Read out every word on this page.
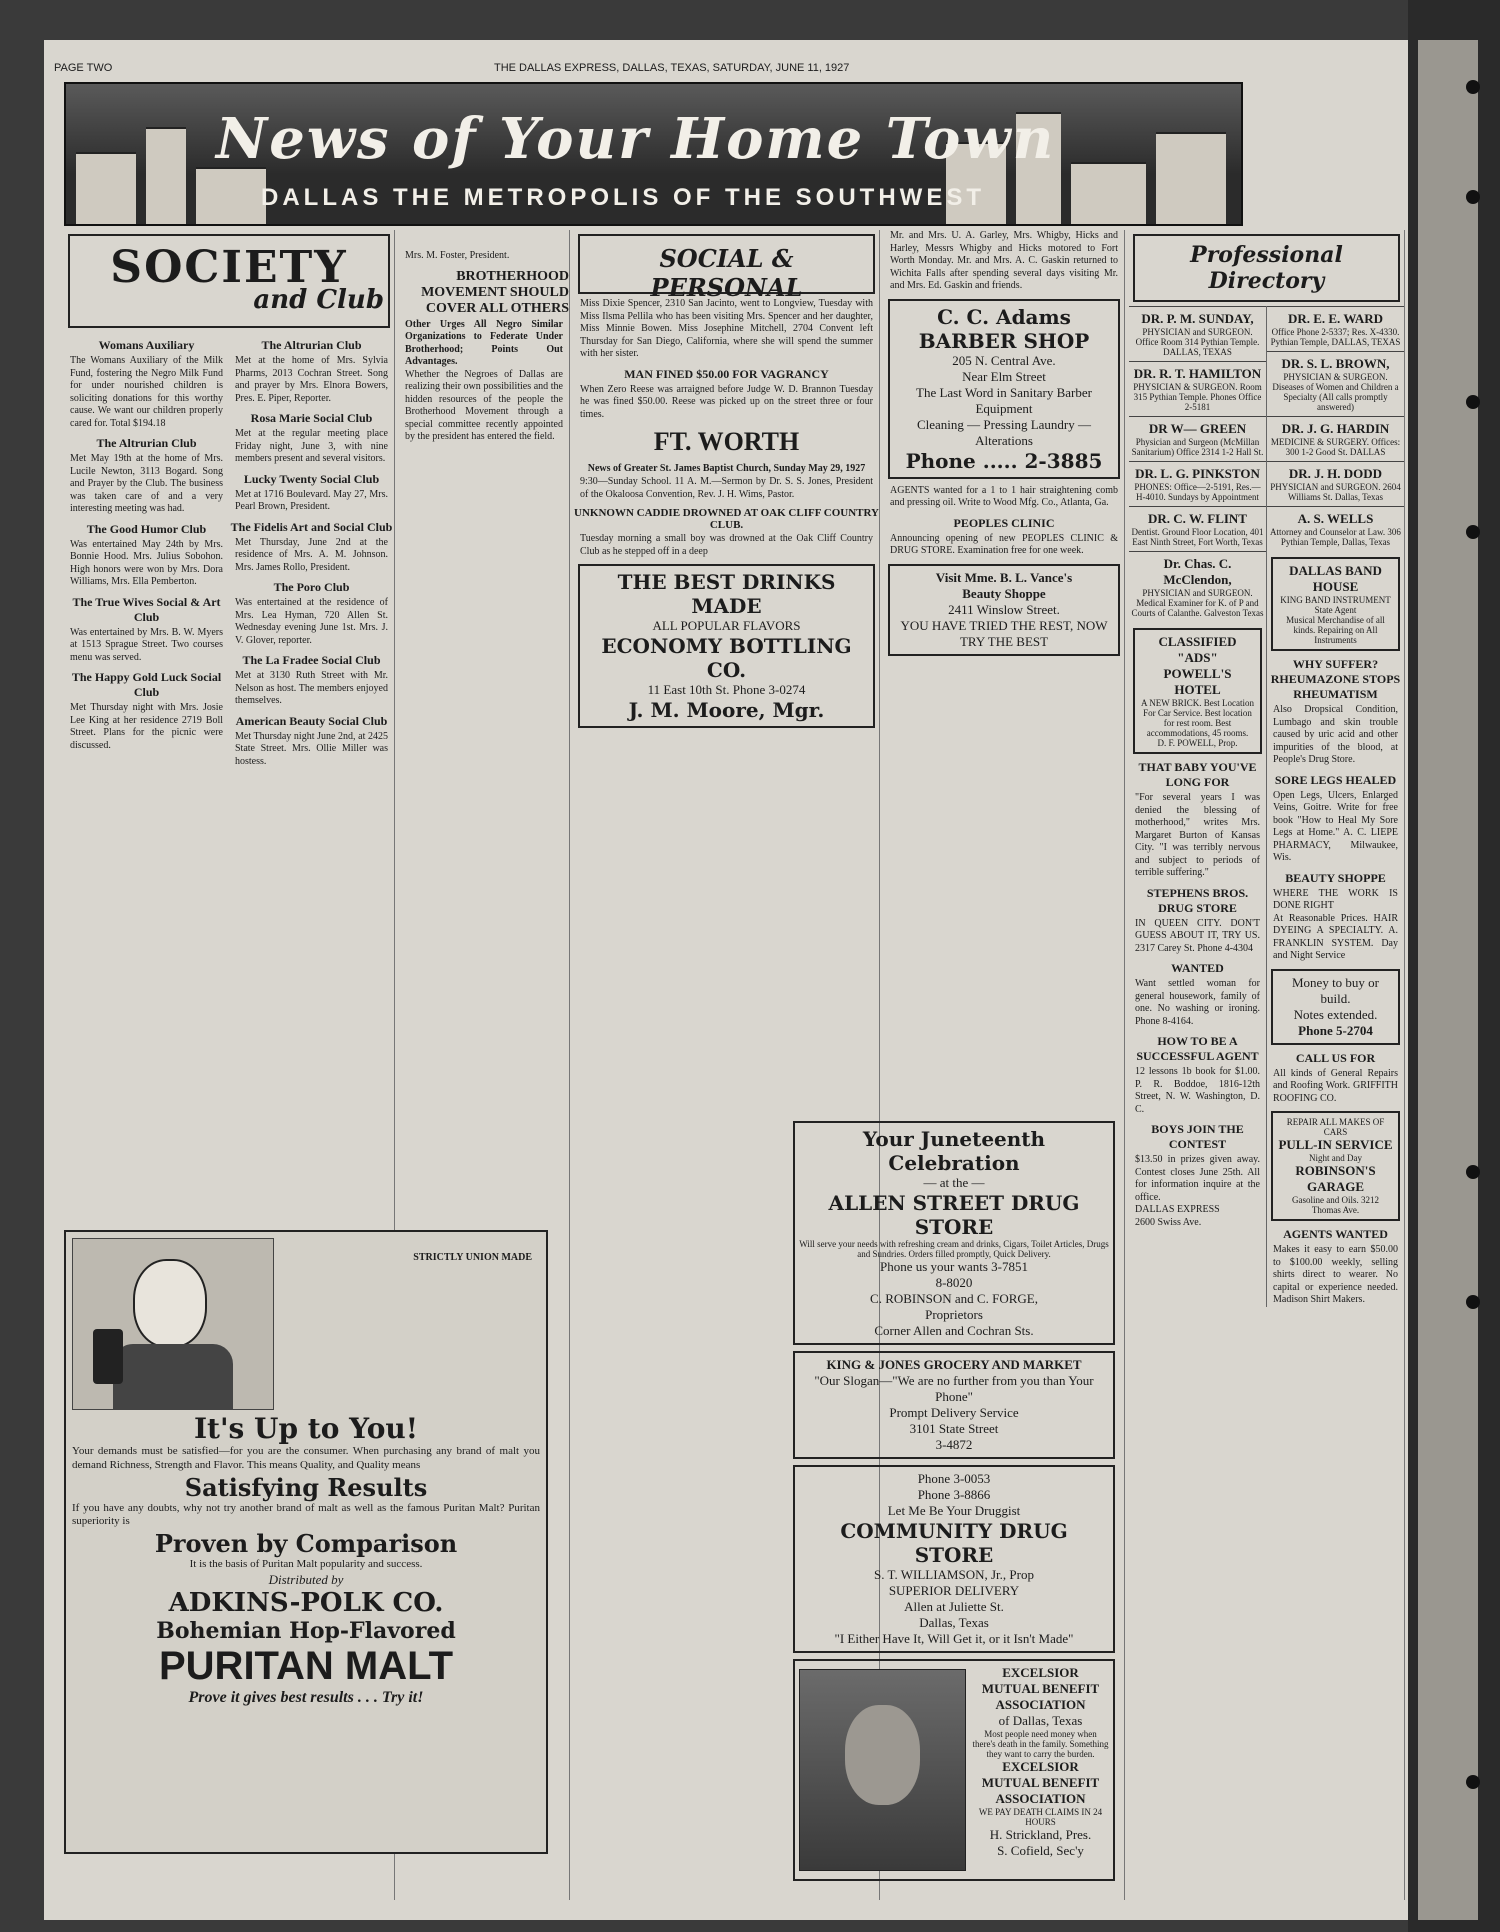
PAGE TWO	THE DALLAS EXPRESS, DALLAS, TEXAS, SATURDAY, JUNE 11, 1927
News of Your Home Town
DALLAS THE METROPOLIS OF THE SOUTHWEST
SOCIETY
and Club
Womans Auxiliary
The Womans Auxiliary of the Milk Fund, fostering the Negro Milk Fund for under nourished children is soliciting donations for this worthy cause. We want our children properly cared for. Total $194.18
The Altrurian Club
Met May 19th at the home of Mrs. Lucile Newton, 3113 Bogard. Song and Prayer by the Club. The business was taken care of and a very interesting meeting was had.
The Good Humor Club
Was entertained May 24th by Mrs. Bonnie Hood. Mrs. Julius Sobohon. High honors were won by Mrs. Dora Williams, Mrs. Ella Pemberton.
The True Wives Social & Art Club
Was entertained by Mrs. B. W. Myers at 1513 Sprague Street. Two courses menu was served.
The Happy Gold Luck Social Club
Met Thursday night with Mrs. Josie Lee King at her residence 2719 Boll Street. Plans for the picnic were discussed.
The Altrurian Club
Met at the home of Mrs. Sylvia Pharms, 2013 Cochran Street. Song and prayer by Mrs. Elnora Bowers, Pres. E. Piper, Reporter.
Rosa Marie Social Club
Met at the regular meeting place Friday night, June 3, with nine members present and several visitors.
Lucky Twenty Social Club
Met at 1716 Boulevard. May 27, Mrs. Pearl Brown, President.
The Fidelis Art and Social Club
Met Thursday, June 2nd at the residence of Mrs. A. M. Johnson. Mrs. James Rollo, President.
The Poro Club
Was entertained at the residence of Mrs. Lea Hyman, 720 Allen St. Wednesday evening June 1st. Mrs. J. V. Glover, reporter.
The La Fradee Social Club
Met at 3130 Ruth Street with Mr. Nelson as host. The members enjoyed themselves.
American Beauty Social Club
Met Thursday night June 2nd, at 2425 State Street. Mrs. Ollie Miller was hostess.
Mrs. M. Foster, President.
BROTHERHOOD MOVEMENT SHOULD COVER ALL OTHERS
Other Urges All Negro Similar Organizations to Federate Under Brotherhood; Points Out Advantages.
Whether the Negroes of Dallas are realizing their own possibilities and the hidden resources of the people the Brotherhood Movement through a special committee recently appointed by the president has entered the field.
SOCIAL & PERSONAL
Miss Dixie Spencer, 2310 San Jacinto, went to Longview, Tuesday with Miss Ilsma Pellila who has been visiting Mrs. Spencer and her daughter, Miss Minnie Bowen. Miss Josephine Mitchell, 2704 Convent left Thursday for San Diego, California, where she will spend the summer with her sister.
MAN FINED $50.00 FOR VAGRANCY
When Zero Reese was arraigned before Judge W. D. Brannon Tuesday he was fined $50.00. Reese was picked up on the street three or four times.
FT. WORTH
News of Greater St. James Baptist Church, Sunday May 29, 1927
9:30—Sunday School. 11 A. M.—Sermon by Dr. S. S. Jones, President of the Okaloosa Convention, Rev. J. H. Wims, Pastor.
UNKNOWN CADDIE DROWNED AT OAK CLIFF COUNTRY CLUB.
Tuesday morning a small boy was drowned at the Oak Cliff Country Club as he stepped off in a deep
THE BEST DRINKS MADE
ALL POPULAR FLAVORS
ECONOMY BOTTLING CO.
11 East 10th St. Phone 3-0274
J. M. Moore, Mgr.
Mr. and Mrs. U. A. Garley, Mrs. Whigby, Hicks and Harley, Messrs Whigby and Hicks motored to Fort Worth Monday. Mr. and Mrs. A. C. Gaskin returned to Wichita Falls after spending several days visiting Mr. and Mrs. Ed. Gaskin and friends.
C. C. Adams
BARBER SHOP
205 N. Central Ave.
Near Elm Street
The Last Word in Sanitary Barber Equipment
Cleaning — Pressing Laundry — Alterations
Phone ..... 2-3885
AGENTS wanted for a 1 to 1 hair straightening comb and pressing oil. Write to Wood Mfg. Co., Atlanta, Ga.
PEOPLES CLINIC
Announcing opening of new PEOPLES CLINIC & DRUG STORE. Examination free for one week.
Visit Mme. B. L. Vance's
Beauty Shoppe
2411 Winslow Street.
YOU HAVE TRIED THE REST, NOW TRY THE BEST
Your Juneteenth Celebration
— at the —
ALLEN STREET DRUG STORE
Will serve your needs with refreshing cream and drinks, Cigars, Toilet Articles, Drugs and Sundries. Orders filled promptly, Quick Delivery.
Phone us your wants 3-7851
8-8020
C. ROBINSON and C. FORGE,
Proprietors
Corner Allen and Cochran Sts.
KING & JONES GROCERY AND MARKET
"Our Slogan—"We are no further from you than Your Phone"
Prompt Delivery Service
3101 State Street
3-4872
Phone 3-0053
Phone 3-8866
Let Me Be Your Druggist
COMMUNITY DRUG STORE
S. T. WILLIAMSON, Jr., Prop
SUPERIOR DELIVERY
Allen at Juliette St.
Dallas, Texas
"I Either Have It, Will Get it, or it Isn't Made"
EXCELSIOR MUTUAL BENEFIT ASSOCIATION
of Dallas, Texas
Most people need money when there's death in the family. Something they want to carry the burden.
EXCELSIOR MUTUAL BENEFIT ASSOCIATION
WE PAY DEATH CLAIMS IN 24 HOURS
H. Strickland, Pres.
S. Cofield, Sec'y
Professional Directory
DR. P. M. SUNDAY,
PHYSICIAN and SURGEON. Office Room 314 Pythian Temple. DALLAS, TEXAS
DR. R. T. HAMILTON
PHYSICIAN & SURGEON. Room 315 Pythian Temple. Phones Office 2-5181
DR W— GREEN
Physician and Surgeon (McMillan Sanitarium) Office 2314 1-2 Hall St.
DR. L. G. PINKSTON
PHONES: Office—2-5191, Res.—H-4010. Sundays by Appointment
DR. C. W. FLINT
Dentist. Ground Floor Location, 401 East Ninth Street, Fort Worth, Texas
Dr. Chas. C. McClendon,
PHYSICIAN and SURGEON. Medical Examiner for K. of P and Courts of Calanthe. Galveston Texas
CLASSIFIED "ADS"
POWELL'S HOTEL
A NEW BRICK. Best Location For Car Service. Best location for rest room. Best accommodations, 45 rooms.
D. F. POWELL, Prop.
THAT BABY YOU'VE LONG FOR
"For several years I was denied the blessing of motherhood," writes Mrs. Margaret Burton of Kansas City. "I was terribly nervous and subject to periods of terrible suffering."
STEPHENS BROS. DRUG STORE
IN QUEEN CITY. DON'T GUESS ABOUT IT, TRY US. 2317 Carey St. Phone 4-4304
WANTED
Want settled woman for general housework, family of one. No washing or ironing. Phone 8-4164.
HOW TO BE A SUCCESSFUL AGENT
12 lessons 1b book for $1.00. P. R. Boddoe, 1816-12th Street, N. W. Washington, D. C.
BOYS JOIN THE CONTEST
$13.50 in prizes given away. Contest closes June 25th. All for information inquire at the office.
DALLAS EXPRESS
2600 Swiss Ave.
DR. E. E. WARD
Office Phone 2-5337; Res. X-4330. Pythian Temple, DALLAS, TEXAS
DR. S. L. BROWN,
PHYSICIAN & SURGEON. Diseases of Women and Children a Specialty (All calls promptly answered)
DR. J. G. HARDIN
MEDICINE & SURGERY. Offices: 300 1-2 Good St. DALLAS
DR. J. H. DODD
PHYSICIAN and SURGEON. 2604 Williams St. Dallas, Texas
A. S. WELLS
Attorney and Counselor at Law. 306 Pythian Temple, Dallas, Texas
DALLAS BAND HOUSE
KING BAND INSTRUMENT State Agent
Musical Merchandise of all kinds. Repairing on All Instruments
WHY SUFFER? RHEUMAZONE STOPS RHEUMATISM
Also Dropsical Condition, Lumbago and skin trouble caused by uric acid and other impurities of the blood, at People's Drug Store.
SORE LEGS HEALED
Open Legs, Ulcers, Enlarged Veins, Goitre. Write for free book "How to Heal My Sore Legs at Home." A. C. LIEPE PHARMACY, Milwaukee, Wis.
BEAUTY SHOPPE
WHERE THE WORK IS DONE RIGHT
At Reasonable Prices. HAIR DYEING A SPECIALTY. A. FRANKLIN SYSTEM. Day and Night Service
Money to buy or build.
Notes extended.
Phone 5-2704
CALL US FOR
All kinds of General Repairs and Roofing Work. GRIFFITH ROOFING CO.
REPAIR ALL MAKES OF CARS
PULL-IN SERVICE
Night and Day
ROBINSON'S GARAGE
Gasoline and Oils. 3212 Thomas Ave.
AGENTS WANTED
Makes it easy to earn $50.00 to $100.00 weekly, selling shirts direct to wearer. No capital or experience needed. Madison Shirt Makers.
STRICTLY UNION MADE
It's Up to You!
Your demands must be satisfied—for you are the consumer. When purchasing any brand of malt you demand Richness, Strength and Flavor. This means Quality, and Quality means
Satisfying Results
If you have any doubts, why not try another brand of malt as well as the famous Puritan Malt? Puritan superiority is
Proven by Comparison
It is the basis of Puritan Malt popularity and success.
Distributed by
ADKINS-POLK CO.
Bohemian Hop-Flavored
PURITAN MALT
Prove it gives best results . . . Try it!
